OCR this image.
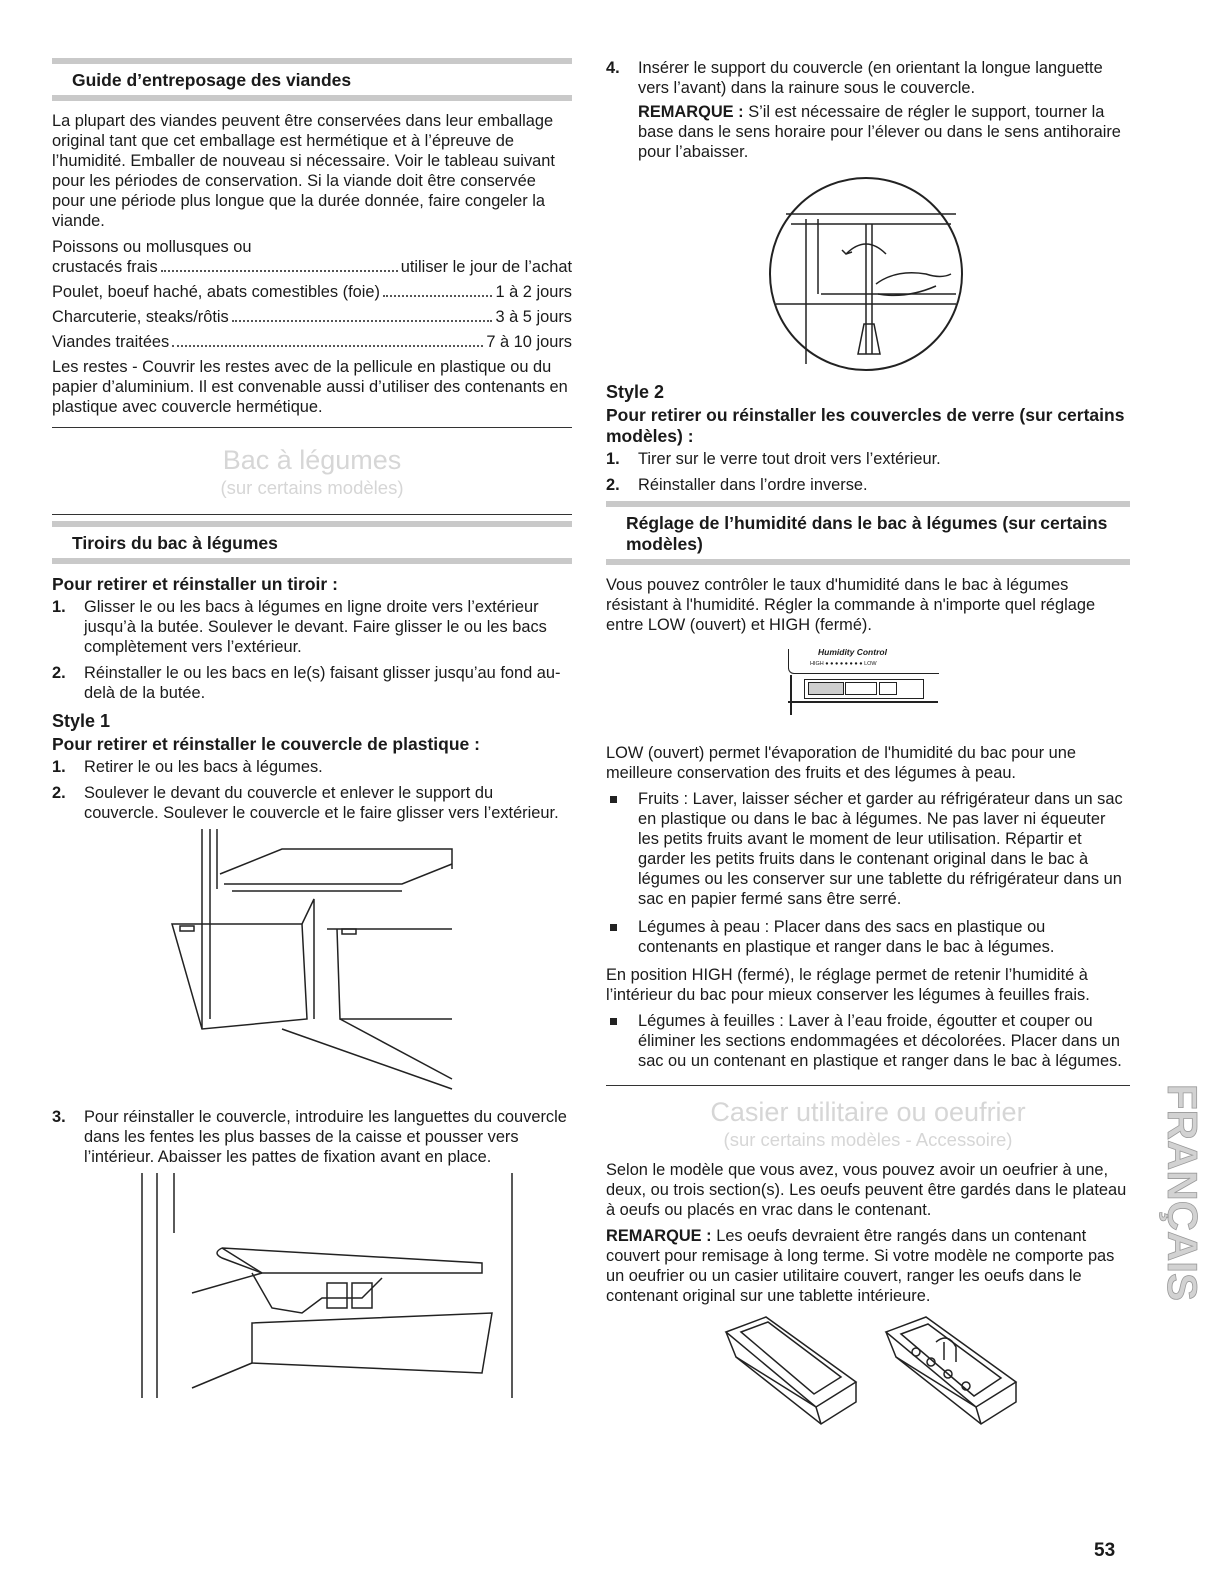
Guide d’entreposage des viandes

La plupart des viandes peuvent être conservées dans leur emballage original tant que cet emballage est hermétique et à l’épreuve de l’humidité. Emballer de nouveau si nécessaire. Voir le tableau suivant pour les périodes de conservation. Si la viande doit être conservée pour une période plus longue que la durée donnée, faire congeler la viande.

Poissons ou mollusques ou

crustacés frais	utiliser le jour de l’achat
Poulet, boeuf haché, abats comestibles (foie)	1 à 2 jours
Charcuterie, steaks/rôtis	3 à 5 jours
Viandes traitées	7 à 10 jours

Les restes - Couvrir les restes avec de la pellicule en plastique ou du papier d’aluminium. Il est convenable aussi d’utiliser des contenants en plastique avec couvercle hermétique.

Bac à légumes
(sur certains modèles)
Tiroirs du bac à légumes
Pour retirer et réinstaller un tiroir :
1. Glisser le ou les bacs à légumes en ligne droite vers l’extérieur jusqu’à la butée. Soulever le devant. Faire glisser le ou les bacs complètement vers l’extérieur.
2. Réinstaller le ou les bacs en le(s) faisant glisser jusqu’au fond au-delà de la butée.
Style 1
Pour retirer et réinstaller le couvercle de plastique :
1. Retirer le ou les bacs à légumes.
2. Soulever le devant du couvercle et enlever le support du couvercle. Soulever le couvercle et le faire glisser vers l’extérieur.
3. Pour réinstaller le couvercle, introduire les languettes du couvercle dans les fentes les plus basses de la caisse et pousser vers l’intérieur. Abaisser les pattes de fixation avant en place.
4. Insérer le support du couvercle (en orientant la longue languette vers l’avant) dans la rainure sous le couvercle.

REMARQUE : S’il est nécessaire de régler le support, tourner la base dans le sens horaire pour l’élever ou dans le sens antihoraire pour l’abaisser.

Style 2
Pour retirer ou réinstaller les couvercles de verre (sur certains modèles) :
1. Tirer sur le verre tout droit vers l’extérieur.
2. Réinstaller dans l’ordre inverse.
Réglage de l’humidité dans le bac à légumes (sur certains modèles)

Vous pouvez contrôler le taux d'humidité dans le bac à légumes résistant à l'humidité. Régler la commande à n'importe quel réglage entre LOW (ouvert) et HIGH (fermé).

Humidity Control
HIGH ● ● ● ● ● ● ● ● LOW

LOW (ouvert) permet l'évaporation de l'humidité du bac pour une meilleure conservation des fruits et des légumes à peau.

Fruits : Laver, laisser sécher et garder au réfrigérateur dans un sac en plastique ou dans le bac à légumes. Ne pas laver ni équeuter les petits fruits avant le moment de leur utilisation. Répartir et garder les petits fruits dans le contenant original dans le bac à légumes ou les conserver sur une tablette du réfrigérateur dans un sac en papier fermé sans être serré.
Légumes à peau : Placer dans des sacs en plastique ou contenants en plastique et ranger dans le bac à légumes.

En position HIGH (fermé), le réglage permet de retenir l’humidité à l’intérieur du bac pour mieux conserver les légumes à feuilles frais.

Légumes à feuilles : Laver à l’eau froide, égoutter et couper ou éliminer les sections endommagées et décolorées. Placer dans un sac ou un contenant en plastique et ranger dans le bac à légumes.
Casier utilitaire ou oeufrier
(sur certains modèles - Accessoire)

Selon le modèle que vous avez, vous pouvez avoir un oeufrier à une, deux, ou trois section(s). Les oeufs peuvent être gardés dans le plateau à oeufs ou placés en vrac dans le contenant.

REMARQUE : Les oeufs devraient être rangés dans un contenant couvert pour remisage à long terme. Si votre modèle ne comporte pas un oeufrier ou un casier utilitaire couvert, ranger les oeufs dans le contenant original sur une tablette intérieure.	FRANÇAIS
53
